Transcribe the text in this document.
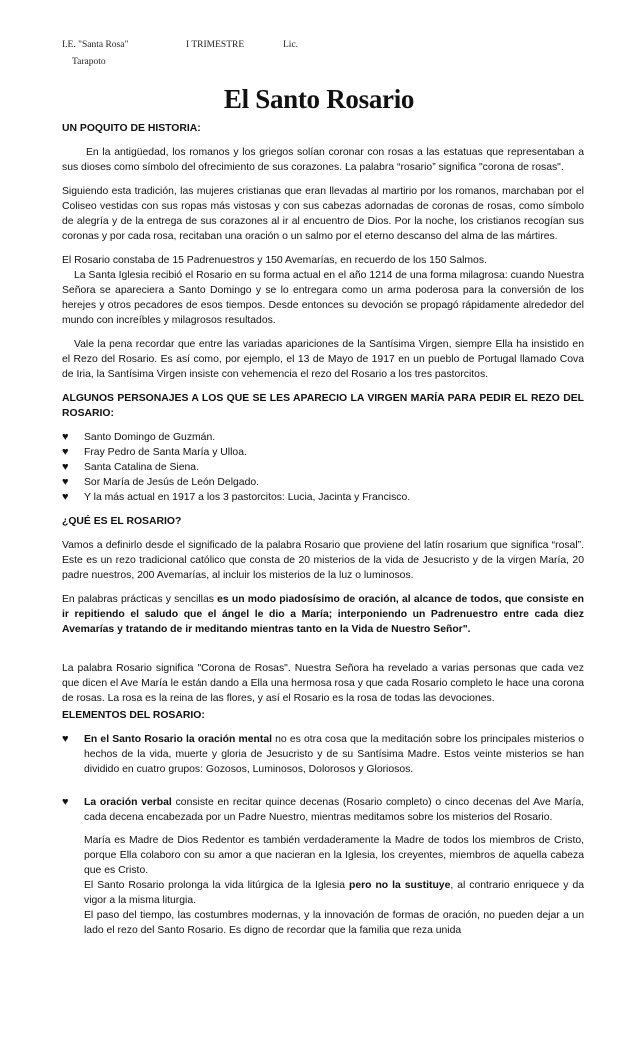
I.E. "Santa Rosa"	I TRIMESTRE	Lic.
Tarapoto
El Santo Rosario
UN POQUITO DE HISTORIA:

En la antigüedad, los romanos y los griegos solían coronar con rosas a las estatuas que representaban a sus dioses como símbolo del ofrecimiento de sus corazones. La palabra “rosario” significa "corona de rosas".

Siguiendo esta tradición, las mujeres cristianas que eran llevadas al martirio por los romanos, marchaban por el Coliseo vestidas con sus ropas más vistosas y con sus cabezas adornadas de coronas de rosas, como símbolo de alegría y de la entrega de sus corazones al ir al encuentro de Dios. Por la noche, los cristianos recogían sus coronas y por cada rosa, recitaban una oración o un salmo por el eterno descanso del alma de las mártires.

El Rosario constaba de 15 Padrenuestros y 150 Avemarías, en recuerdo de los 150 Salmos.

La Santa Iglesia recibió el Rosario en su forma actual en el año 1214 de una forma milagrosa: cuando Nuestra Señora se apareciera a Santo Domingo y se lo entregara como un arma poderosa para la conversión de los herejes y otros pecadores de esos tiempos. Desde entonces su devoción se propagó rápidamente alrededor del mundo con increíbles y milagrosos resultados.

Vale la pena recordar que entre las variadas apariciones de la Santísima Virgen, siempre Ella ha insistido en el Rezo del Rosario. Es así como, por ejemplo, el 13 de Mayo de 1917 en un pueblo de Portugal llamado Cova de Iria, la Santísima Virgen insiste con vehemencia el rezo del Rosario a los tres pastorcitos.

ALGUNOS PERSONAJES A LOS QUE SE LES APARECIO LA VIRGEN MARÍA PARA PEDIR EL REZO DEL ROSARIO:
♥	Santo Domingo de Guzmán.
♥	Fray Pedro de Santa María y Ulloa.
♥	Santa Catalina de Siena.
♥	Sor María de Jesús de León Delgado.
♥	Y la más actual en 1917 a los 3 pastorcitos: Lucia, Jacinta y Francisco.
¿QUÉ ES EL ROSARIO?

Vamos a definirlo desde el significado de la palabra Rosario que proviene del latín rosarium que significa “rosal”. Este es un rezo tradicional católico que consta de 20 misterios de la vida de Jesucristo y de la virgen María, 20 padre nuestros, 200 Avemarías, al incluir los misterios de la luz o luminosos.

En palabras prácticas y sencillas es un modo piadosísimo de oración, al alcance de todos, que consiste en ir repitiendo el saludo que el ángel le dio a María; interponiendo un Padrenuestro entre cada diez Avemarías y tratando de ir meditando mientras tanto en la Vida de Nuestro Señor".

La palabra Rosario significa "Corona de Rosas". Nuestra Señora ha revelado a varias personas que cada vez que dicen el Ave María le están dando a Ella una hermosa rosa y que cada Rosario completo le hace una corona de rosas. La rosa es la reina de las flores, y así el Rosario es la rosa de todas las devociones.

ELEMENTOS DEL ROSARIO:
♥	En el Santo Rosario la oración mental no es otra cosa que la meditación sobre los principales misterios o hechos de la vida, muerte y gloria de Jesucristo y de su Santísima Madre. Estos veinte misterios se han dividido en cuatro grupos: Gozosos, Luminosos, Dolorosos y Gloriosos.

♥	La oración verbal consiste en recitar quince decenas (Rosario completo) o cinco decenas del Ave María, cada decena encabezada por un Padre Nuestro, mientras meditamos sobre los misterios del Rosario.

María es Madre de Dios Redentor es también verdaderamente la Madre de todos los miembros de Cristo, porque Ella colaboro con su amor a que nacieran en la Iglesia, los creyentes, miembros de aquella cabeza que es Cristo.

El Santo Rosario prolonga la vida litúrgica de la Iglesia pero no la sustituye, al contrario enriquece y da vigor a la misma liturgia.

El paso del tiempo, las costumbres modernas, y la innovación de formas de oración, no pueden dejar a un lado el rezo del Santo Rosario. Es digno de recordar que la familia que reza unida
